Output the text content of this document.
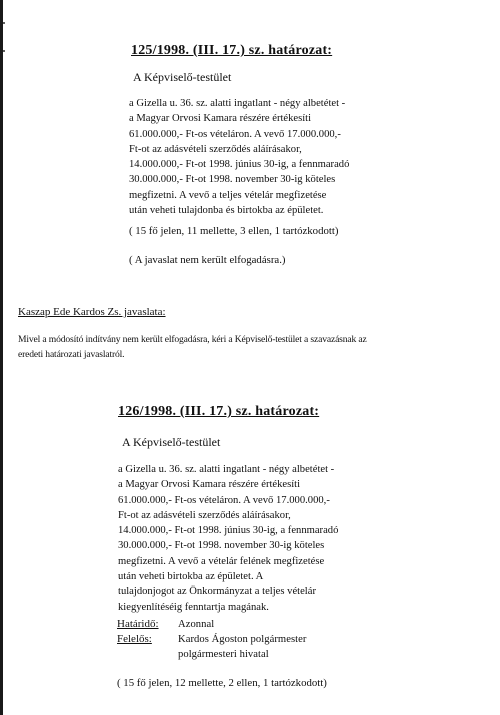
125/1998. (III. 17.) sz. határozat:
A Képviselő-testület
a Gizella u. 36. sz. alatti ingatlant - négy albetétet -
a Magyar Orvosi Kamara részére értékesíti
61.000.000,- Ft-os vételáron. A vevő 17.000.000,-
Ft-ot az adásvételi szerződés aláírásakor,
14.000.000,- Ft-ot 1998. június 30-ig, a fennmaradó
30.000.000,- Ft-ot 1998. november 30-ig köteles
megfizetni. A vevő a teljes vételár megfizetése
után veheti tulajdonba és birtokba az épületet.
( 15 fő jelen, 11 mellette, 3 ellen, 1 tartózkodott)
( A javaslat nem került elfogadásra.)
Kaszap Ede Kardos Zs. javaslata:
Mivel a módosító indítvány nem került elfogadásra, kéri a Képviselő-testület a szavazásnak az
eredeti határozati javaslatról.
126/1998. (III. 17.) sz. határozat:
A Képviselő-testület
a Gizella u. 36. sz. alatti ingatlant - négy albetétet -
a Magyar Orvosi Kamara részére értékesíti
61.000.000,- Ft-os vételáron. A vevő 17.000.000,-
Ft-ot az adásvételi szerződés aláírásakor,
14.000.000,- Ft-ot 1998. június 30-ig, a fennmaradó
30.000.000,- Ft-ot 1998. november 30-ig köteles
megfizetni. A vevő a vételár felének megfizetése
után veheti birtokba az épületet. A
tulajdonjogot az Önkormányzat a teljes vételár
kiegyenlítéséig fenntartja magának.
Határidő: Azonnal
Felelős: Kardos Ágoston polgármester
polgármesteri hivatal
( 15 fő jelen, 12 mellette, 2 ellen, 1 tartózkodott)
